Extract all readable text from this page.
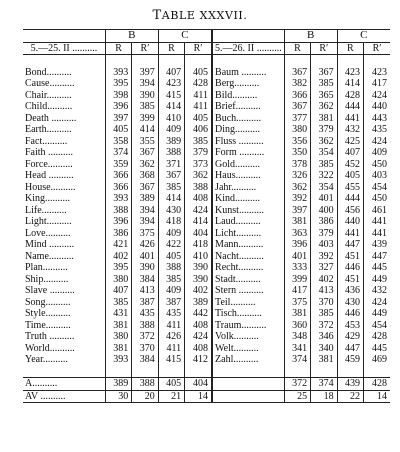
TABLE XXXVII.
	B		C			B		C	
5.—25. II ..........	R	R′	R	R′	5.—26. II ..........	R	R′	R	R′

Bond..........	393	397	407	405	Baum ..........	367	367	423	423
Cause..........	395	394	423	428	Berg..........	382	385	414	417
Chair..........	398	390	415	411	Bild..........	366	365	428	424
Child..........	396	385	414	411	Brief..........	367	362	444	440
Death ..........	397	399	410	405	Buch..........	377	381	441	443
Earth..........	405	414	409	406	Ding..........	380	379	432	435
Fact..........	358	355	389	385	Fluss ..........	356	362	425	424
Faith ..........	374	367	388	379	Form ..........	350	354	407	409
Force..........	359	362	371	373	Gold..........	378	385	452	450
Head ..........	366	368	367	362	Haus..........	326	322	405	403
House..........	366	367	385	388	Jahr..........	362	354	455	454
King..........	393	389	414	408	Kind..........	392	401	444	450
Life..........	388	394	430	424	Kunst..........	397	400	456	461
Light..........	396	394	418	414	Laud..........	381	386	440	441
Love..........	386	375	409	404	Licht..........	363	379	441	441
Mind ..........	421	426	422	418	Mann..........	396	403	447	439
Name..........	402	401	405	410	Nacht..........	401	392	451	447
Plan..........	395	390	388	390	Recht..........	333	327	446	445
Ship..........	380	384	385	390	Stadt..........	399	402	451	449
Slave ..........	407	413	409	402	Stern ..........	417	413	436	432
Song..........	385	387	387	389	Teil..........	375	370	430	424
Style..........	431	435	435	442	Tisch..........	381	385	446	449
Time..........	381	388	411	408	Traum..........	360	372	453	454
Truth ..........	380	372	426	424	Volk..........	348	346	429	428
World..........	381	370	411	408	Welt..........	341	340	447	445
Year..........	393	384	415	412	Zahl..........	374	381	459	469

A..........	389	388	405	404		372	374	439	428
AV ..........	30	20	21	14		25	18	22	14
